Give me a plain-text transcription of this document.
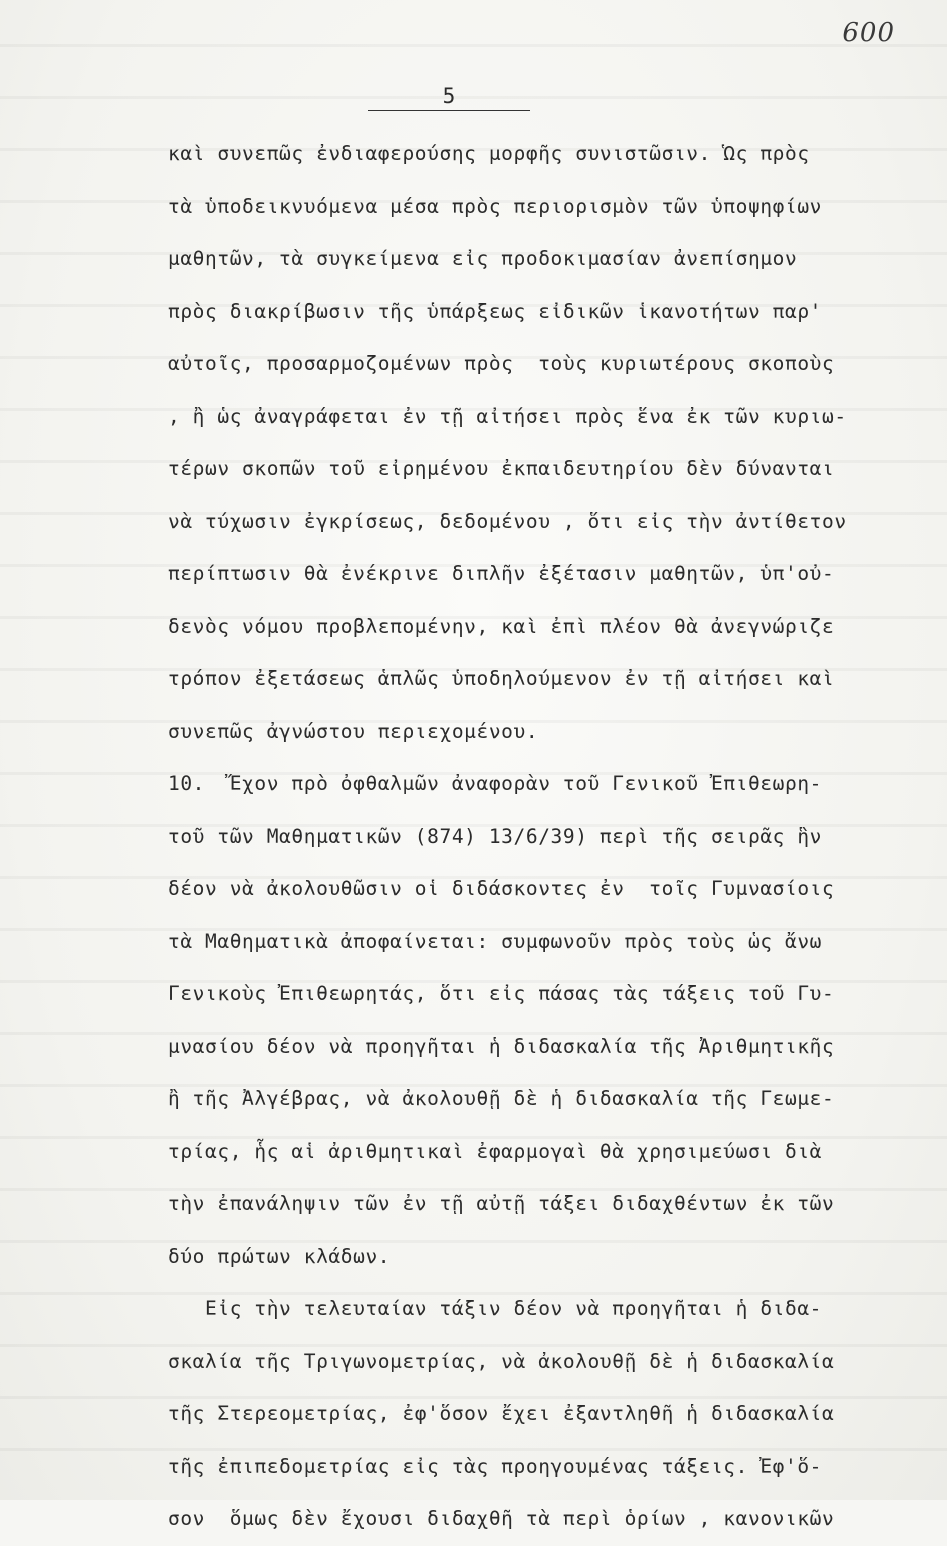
600
5
καὶ συνεπῶς ἐνδιαφερούσης μορφῆς συνιστῶσιν. Ὡς πρὸς
τὰ ὑποδεικνυόμενα μέσα πρὸς περιορισμὸν τῶν ὑποψηφίων
μαθητῶν, τὰ συγκείμενα εἰς προδοκιμασίαν ἀνεπίσημον
πρὸς διακρίβωσιν τῆς ὑπάρξεως εἰδικῶν ἱκανοτήτων παρ'
αὐτοῖς, προσαρμοζομένων πρὸς  τοὺς κυριωτέρους σκοποὺς
, ἢ ὡς ἀναγράφεται ἐν τῇ αἰτήσει πρὸς ἕνα ἐκ τῶν κυριω-
τέρων σκοπῶν τοῦ εἰρημένου ἐκπαιδευτηρίου δὲν δύνανται
νὰ τύχωσιν ἐγκρίσεως, δεδομένου , ὅτι εἰς τὴν ἀντίθετον
περίπτωσιν θὰ ἐνέκρινε διπλῆν ἐξέτασιν μαθητῶν, ὑπ'οὐ-
δενὸς νόμου προβλεπομένην, καὶ ἐπὶ πλέον θὰ ἀνεγνώριζε
τρόπον ἐξετάσεως ἁπλῶς ὑποδηλούμενον ἐν τῇ αἰτήσει καὶ
συνεπῶς ἀγνώστου περιεχομένου.
10.  Ἔχον πρὸ ὀφθαλμῶν ἀναφορὰν τοῦ Γενικοῦ Ἐπιθεωρη-
τοῦ τῶν Μαθηματικῶν (874) 13/6/39) περὶ τῆς σειρᾶς ἣν
δέον νὰ ἀκολουθῶσιν οἱ διδάσκοντες ἐν  τοῖς Γυμνασίοις
τὰ Μαθηματικὰ ἀποφαίνεται: συμφωνοῦν πρὸς τοὺς ὡς ἄνω
Γενικοὺς Ἐπιθεωρητάς, ὅτι εἰς πάσας τὰς τάξεις τοῦ Γυ-
μνασίου δέον νὰ προηγῆται ἡ διδασκαλία τῆς Ἀριθμητικῆς
ἢ τῆς Ἀλγέβρας, νὰ ἀκολουθῇ δὲ ἡ διδασκαλία τῆς Γεωμε-
τρίας, ἧς αἱ ἀριθμητικαὶ ἐφαρμογαὶ θὰ χρησιμεύωσι διὰ
τὴν ἐπανάληψιν τῶν ἐν τῇ αὐτῇ τάξει διδαχθέντων ἐκ τῶν
δύο πρώτων κλάδων.
Εἰς τὴν τελευταίαν τάξιν δέον νὰ προηγῆται ἡ διδα-
σκαλία τῆς Τριγωνομετρίας, νὰ ἀκολουθῇ δὲ ἡ διδασκαλία
τῆς Στερεομετρίας, ἐφ'ὅσον ἔχει ἐξαντληθῆ ἡ διδασκαλία
τῆς ἐπιπεδομετρίας εἰς τὰς προηγουμένας τάξεις. Ἐφ'ὅ-
σον  ὅμως δὲν ἔχουσι διδαχθῆ τὰ περὶ ὁρίων , κανονικῶν
